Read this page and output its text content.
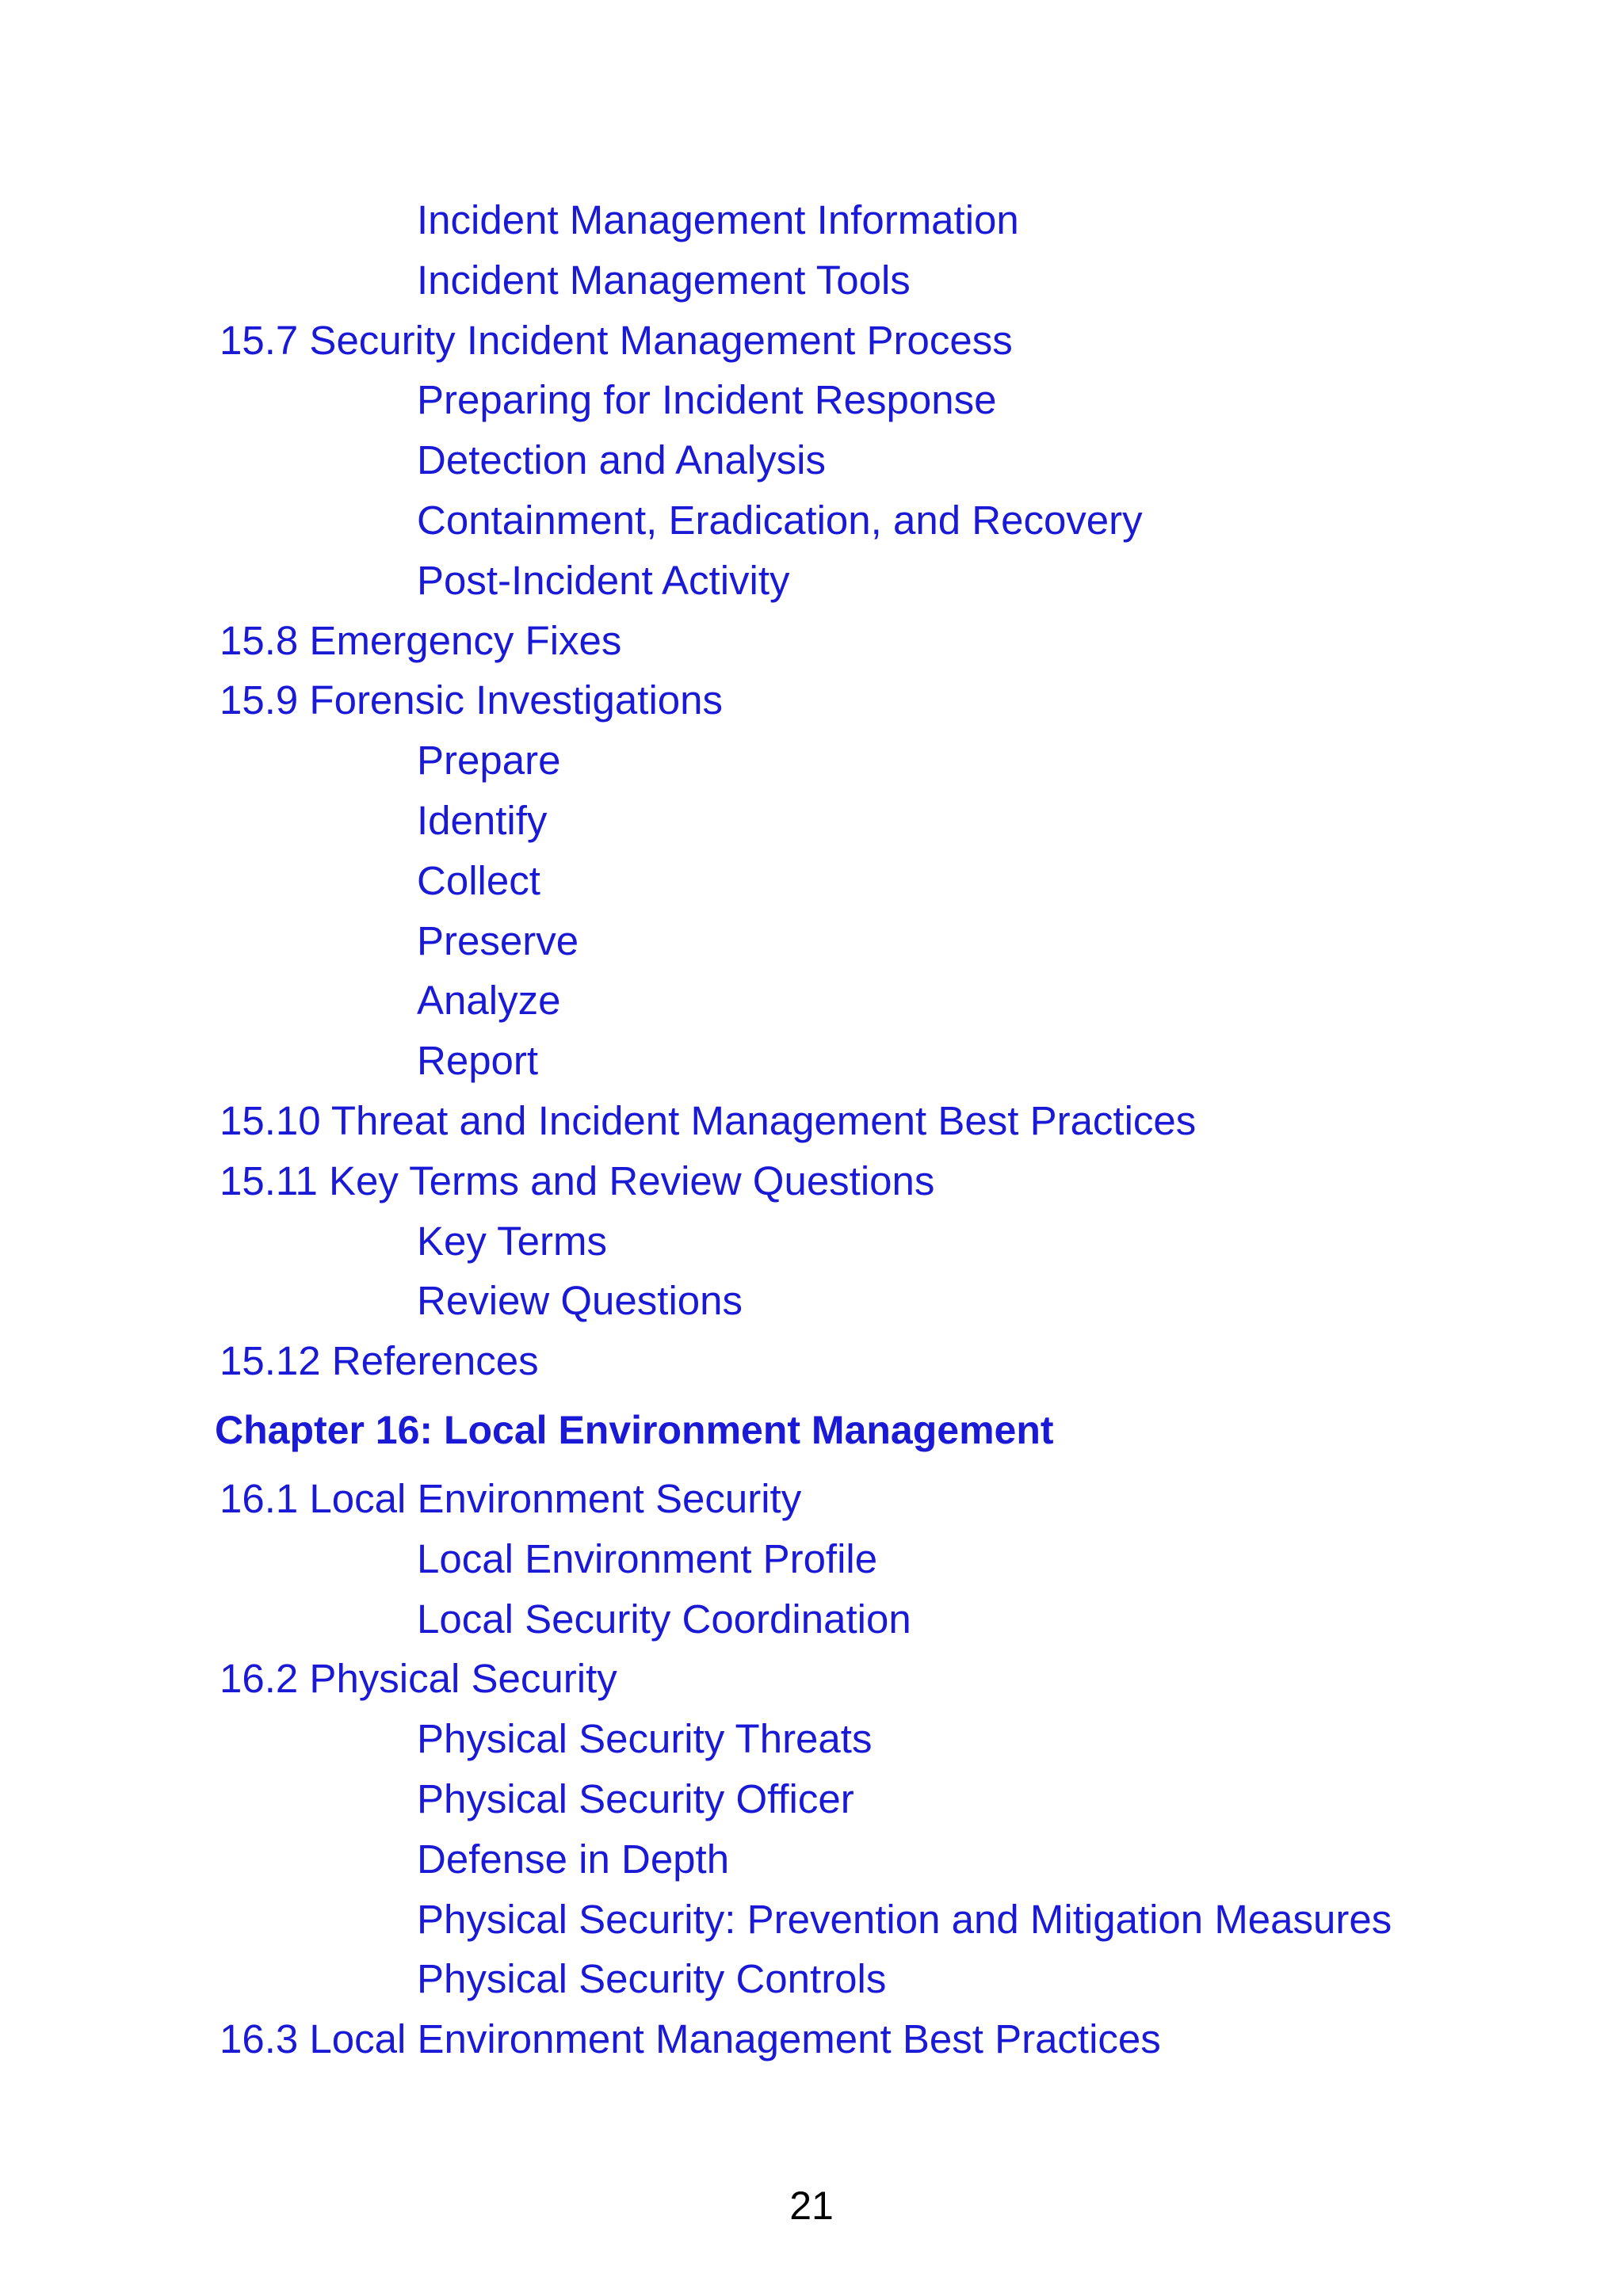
Incident Management Information
Incident Management Tools
15.7 Security Incident Management Process
Preparing for Incident Response
Detection and Analysis
Containment, Eradication, and Recovery
Post-Incident Activity
15.8 Emergency Fixes
15.9 Forensic Investigations
Prepare
Identify
Collect
Preserve
Analyze
Report
15.10 Threat and Incident Management Best Practices
15.11 Key Terms and Review Questions
Key Terms
Review Questions
15.12 References
Chapter 16: Local Environment Management
16.1 Local Environment Security
Local Environment Profile
Local Security Coordination
16.2 Physical Security
Physical Security Threats
Physical Security Officer
Defense in Depth
Physical Security: Prevention and Mitigation Measures
Physical Security Controls
16.3 Local Environment Management Best Practices
21
